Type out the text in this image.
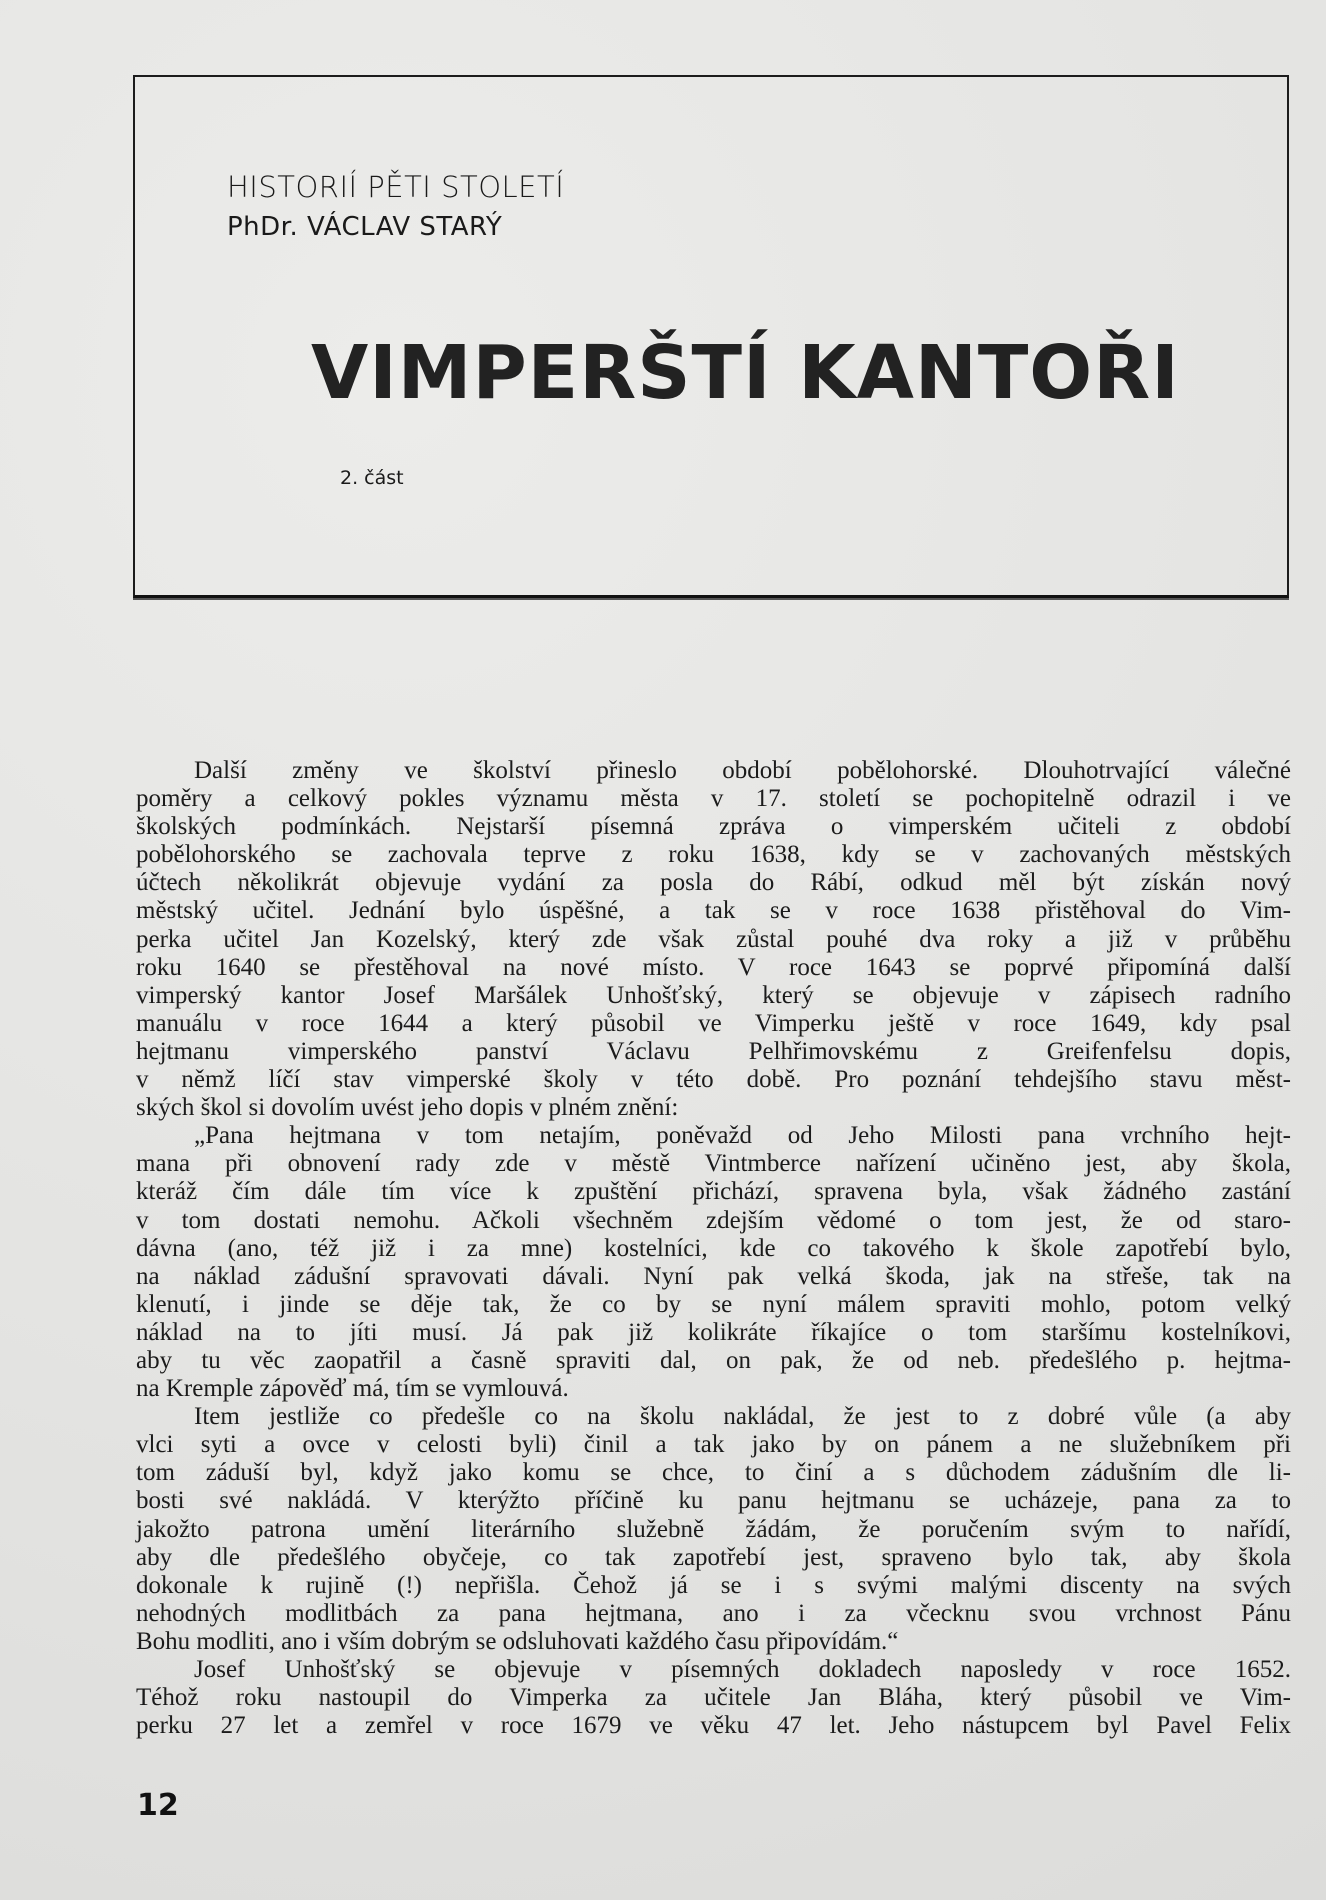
HISTORIÍ PĚTI STOLETÍ
PhDr. VÁCLAV STARÝ
VIMPERŠTÍ KANTOŘI
2. část
Další změny ve školství přineslo období pobělohorské. Dlouhotrvající válečné
poměry a celkový pokles významu města v 17. století se pochopitelně odrazil i ve
školských podmínkách. Nejstarší písemná zpráva o vimperském učiteli z období
pobělohorského se zachovala teprve z roku 1638, kdy se v zachovaných městských
účtech několikrát objevuje vydání za posla do Rábí, odkud měl být získán nový
městský učitel. Jednání bylo úspěšné, a tak se v roce 1638 přistěhoval do Vim-
perka učitel Jan Kozelský, který zde však zůstal pouhé dva roky a již v průběhu
roku 1640 se přestěhoval na nové místo. V roce 1643 se poprvé připomíná další
vimperský kantor Josef Maršálek Unhošťský, který se objevuje v zápisech radního
manuálu v roce 1644 a který působil ve Vimperku ještě v roce 1649, kdy psal
hejtmanu vimperského panství Václavu Pelhřimovskému z Greifenfelsu dopis,
v němž líčí stav vimperské školy v této době. Pro poznání tehdejšího stavu měst-
ských škol si dovolím uvést jeho dopis v plném znění:
„Pana hejtmana v tom netajím, poněvažd od Jeho Milosti pana vrchního hejt-
mana při obnovení rady zde v městě Vintmberce nařízení učiněno jest, aby škola,
kteráž čím dále tím více k zpuštění přichází, spravena byla, však žádného zastání
v tom dostati nemohu. Ačkoli všechněm zdejším vědomé o tom jest, že od staro-
dávna (ano, též již i za mne) kostelníci, kde co takového k škole zapotřebí bylo,
na náklad zádušní spravovati dávali. Nyní pak velká škoda, jak na střeše, tak na
klenutí, i jinde se děje tak, že co by se nyní málem spraviti mohlo, potom velký
náklad na to jíti musí. Já pak již kolikráte říkajíce o tom staršímu kostelníkovi,
aby tu věc zaopatřil a časně spraviti dal, on pak, že od neb. předešlého p. hejtma-
na Kremple zápověď má, tím se vymlouvá.
Item jestliže co předešle co na školu nakládal, že jest to z dobré vůle (a aby
vlci syti a ovce v celosti byli) činil a tak jako by on pánem a ne služebníkem při
tom záduší byl, když jako komu se chce, to činí a s důchodem zádušním dle li-
bosti své nakládá. V kterýžto příčině ku panu hejtmanu se ucházeje, pana za to
jakožto patrona umění literárního služebně žádám, že poručením svým to nařídí,
aby dle předešlého obyčeje, co tak zapotřebí jest, spraveno bylo tak, aby škola
dokonale k rujině (!) nepřišla. Čehož já se i s svými malými discenty na svých
nehodných modlitbách za pana hejtmana, ano i za včecknu svou vrchnost Pánu
Bohu modliti, ano i vším dobrým se odsluhovati každého času připovídám.“
Josef Unhošťský se objevuje v písemných dokladech naposledy v roce 1652.
Téhož roku nastoupil do Vimperka za učitele Jan Bláha, který působil ve Vim-
perku 27 let a zemřel v roce 1679 ve věku 47 let. Jeho nástupcem byl Pavel Felix
12
